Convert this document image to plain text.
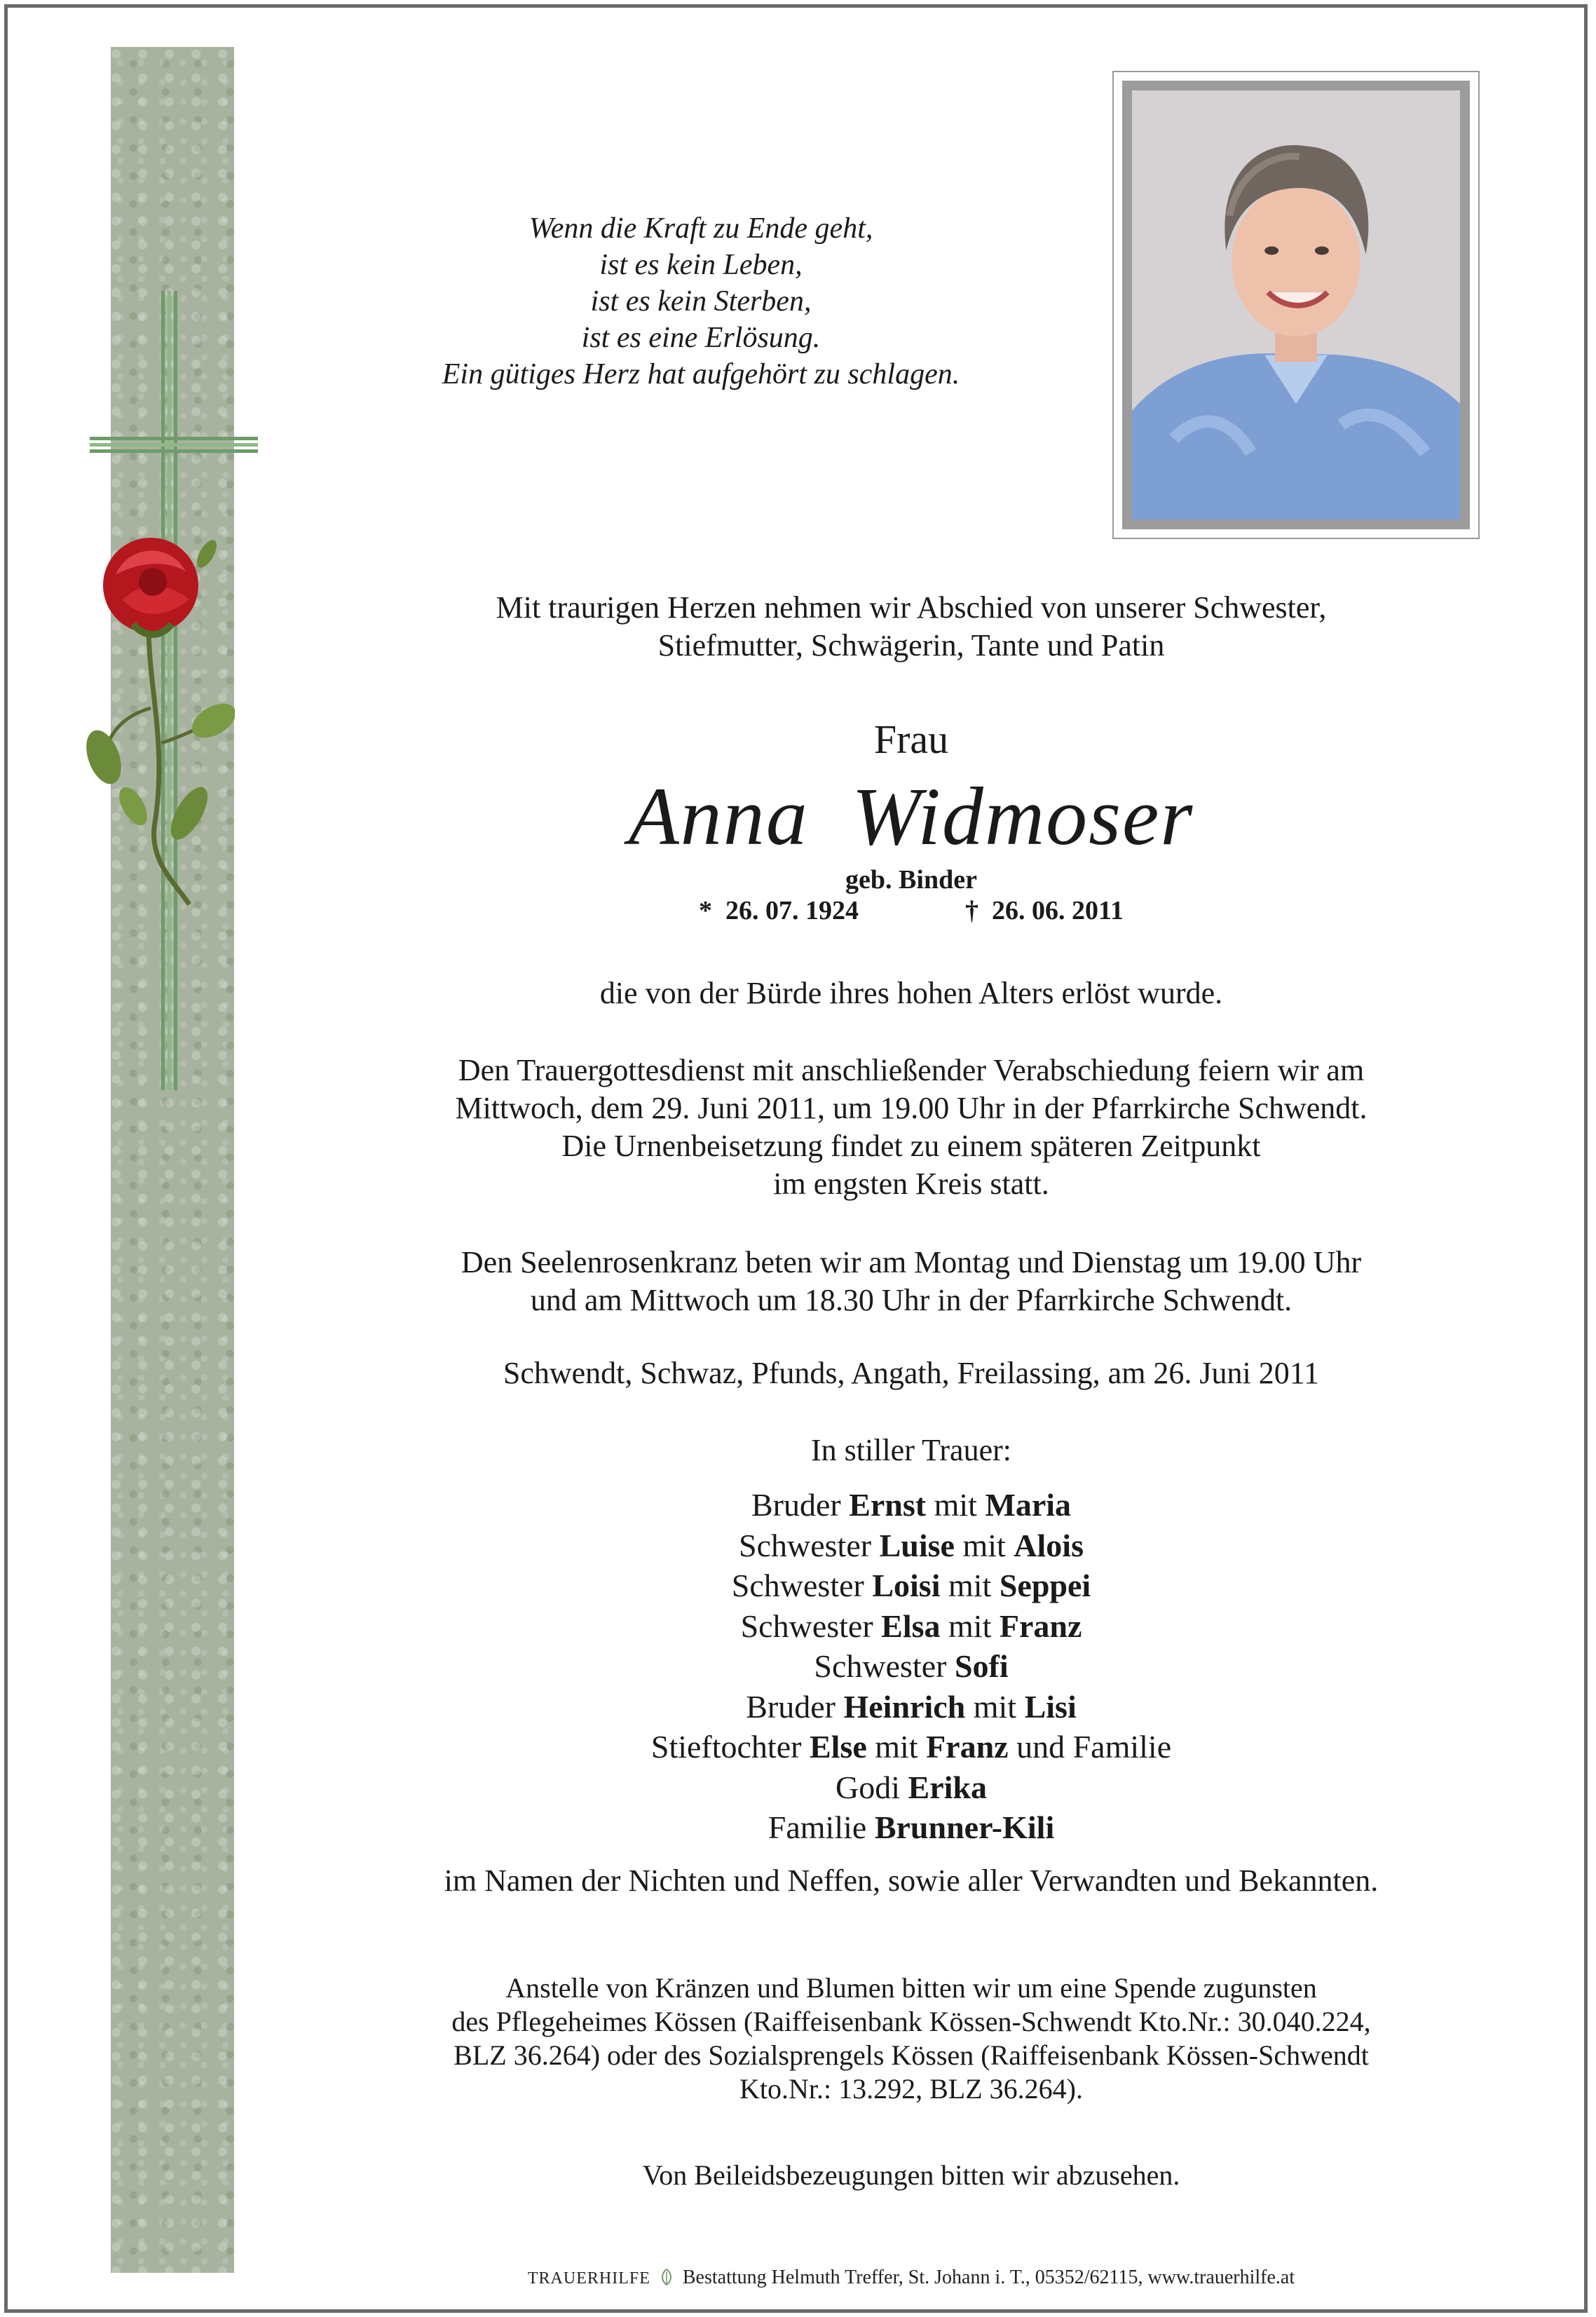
Wenn die Kraft zu Ende geht,
ist es kein Leben,
ist es kein Sterben,
ist es eine Erlösung.
Ein gütiges Herz hat aufgehört zu schlagen.
Mit traurigen Herzen nehmen wir Abschied von unserer Schwester,
Stiefmutter, Schwägerin, Tante und Patin
Frau
Anna Widmoser
geb. Binder
*  26. 07. 1924                †  26. 06. 2011
die von der Bürde ihres hohen Alters erlöst wurde.
Den Trauergottesdienst mit anschließender Verabschiedung feiern wir am
Mittwoch, dem 29. Juni 2011, um 19.00 Uhr in der Pfarrkirche Schwendt.
Die Urnenbeisetzung findet zu einem späteren Zeitpunkt
im engsten Kreis statt.
Den Seelenrosenkranz beten wir am Montag und Dienstag um 19.00 Uhr
und am Mittwoch um 18.30 Uhr in der Pfarrkirche Schwendt.
Schwendt, Schwaz, Pfunds, Angath, Freilassing, am 26. Juni 2011
In stiller Trauer:
Bruder Ernst mit Maria
Schwester Luise mit Alois
Schwester Loisi mit Seppei
Schwester Elsa mit Franz
Schwester Sofi
Bruder Heinrich mit Lisi
Stieftochter Else mit Franz und Familie
Godi Erika
Familie Brunner-Kili
im Namen der Nichten und Neffen, sowie aller Verwandten und Bekannten.
Anstelle von Kränzen und Blumen bitten wir um eine Spende zugunsten
des Pflegeheimes Kössen (Raiffeisenbank Kössen-Schwendt Kto.Nr.: 30.040.224,
BLZ 36.264) oder des Sozialsprengels Kössen (Raiffeisenbank Kössen-Schwendt
Kto.Nr.: 13.292, BLZ 36.264).
Von Beileidsbezeugungen bitten wir abzusehen.
TRAUERHILFE Bestattung Helmuth Treffer, St. Johann i. T., 05352/62115, www.trauerhilfe.at
